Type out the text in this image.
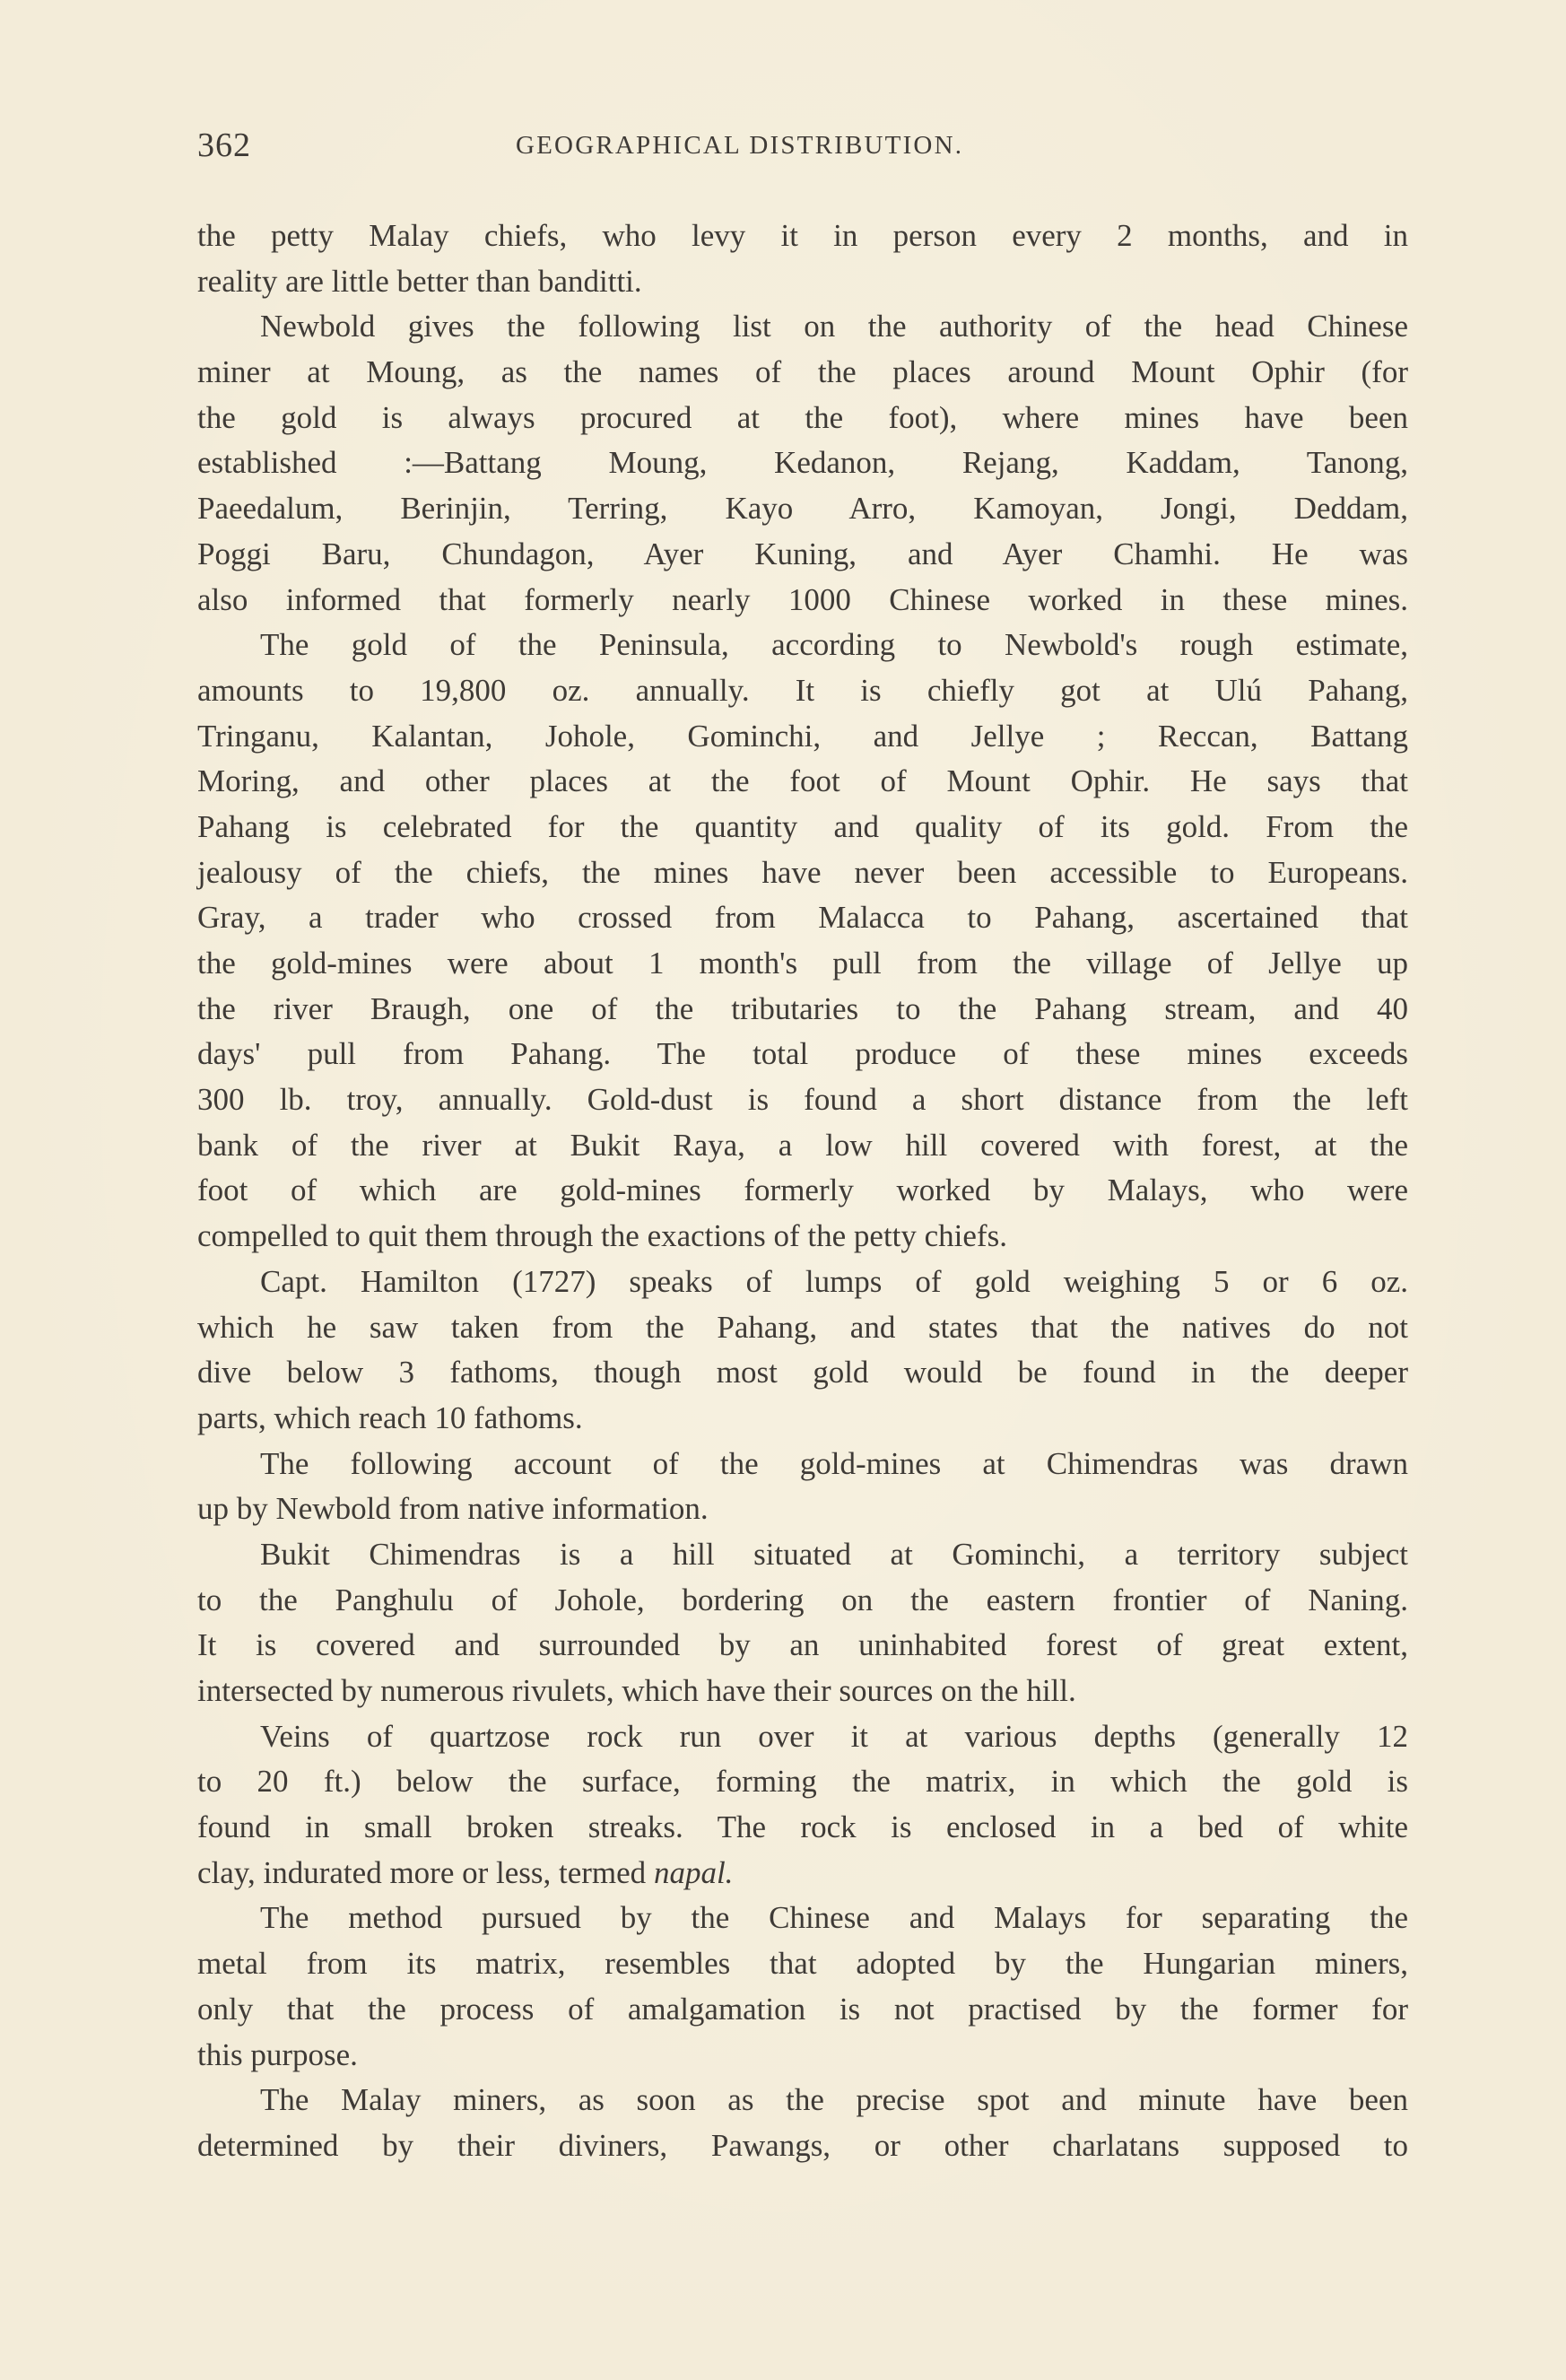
362	GEOGRAPHICAL DISTRIBUTION.
the petty Malay chiefs, who levy it in person every 2 months, and in
reality are little better than banditti.
Newbold gives the following list on the authority of the head Chinese
miner at Moung, as the names of the places around Mount Ophir (for
the gold is always procured at the foot), where mines have been
established :—Battang Moung, Kedanon, Rejang, Kaddam, Tanong,
Paeedalum, Berinjin, Terring, Kayo Arro, Kamoyan, Jongi, Deddam,
Poggi Baru, Chundagon, Ayer Kuning, and Ayer Chamhi. He was
also informed that formerly nearly 1000 Chinese worked in these mines.
The gold of the Peninsula, according to Newbold's rough estimate,
amounts to 19,800 oz. annually. It is chiefly got at Ulú Pahang,
Tringanu, Kalantan, Johole, Gominchi, and Jellye ; Reccan, Battang
Moring, and other places at the foot of Mount Ophir. He says that
Pahang is celebrated for the quantity and quality of its gold. From the
jealousy of the chiefs, the mines have never been accessible to Europeans.
Gray, a trader who crossed from Malacca to Pahang, ascertained that
the gold-mines were about 1 month's pull from the village of Jellye up
the river Braugh, one of the tributaries to the Pahang stream, and 40
days' pull from Pahang. The total produce of these mines exceeds
300 lb. troy, annually. Gold-dust is found a short distance from the left
bank of the river at Bukit Raya, a low hill covered with forest, at the
foot of which are gold-mines formerly worked by Malays, who were
compelled to quit them through the exactions of the petty chiefs.
Capt. Hamilton (1727) speaks of lumps of gold weighing 5 or 6 oz.
which he saw taken from the Pahang, and states that the natives do not
dive below 3 fathoms, though most gold would be found in the deeper
parts, which reach 10 fathoms.
The following account of the gold-mines at Chimendras was drawn
up by Newbold from native information.
Bukit Chimendras is a hill situated at Gominchi, a territory subject
to the Panghulu of Johole, bordering on the eastern frontier of Naning.
It is covered and surrounded by an uninhabited forest of great extent,
intersected by numerous rivulets, which have their sources on the hill.
Veins of quartzose rock run over it at various depths (generally 12
to 20 ft.) below the surface, forming the matrix, in which the gold is
found in small broken streaks. The rock is enclosed in a bed of white
clay, indurated more or less, termed napal.
The method pursued by the Chinese and Malays for separating the
metal from its matrix, resembles that adopted by the Hungarian miners,
only that the process of amalgamation is not practised by the former for
this purpose.
The Malay miners, as soon as the precise spot and minute have been
determined by their diviners, Pawangs, or other charlatans supposed to
